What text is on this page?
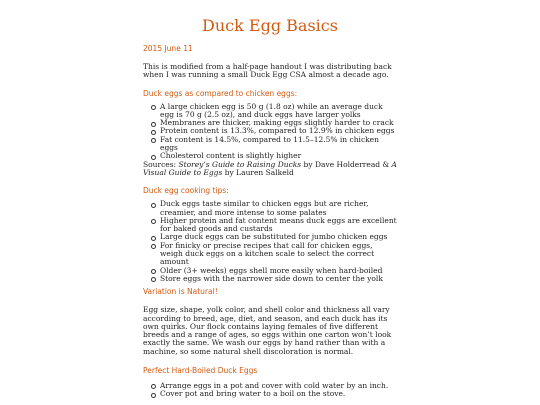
Duck Egg Basics
2015 June 11

This is modified from a half-page handout I was distributing back when I was running a small Duck Egg CSA almost a decade ago.

Duck eggs as compared to chicken eggs:

A large chicken egg is 50 g (1.8 oz) while an average duck egg is 70 g (2.5 oz), and duck eggs have larger yolks
Membranes are thicker, making eggs slightly harder to crack
Protein content is 13.3%, compared to 12.9% in chicken eggs
Fat content is 14.5%, compared to 11.5–12.5% in chicken eggs
Cholesterol content is slightly higher

Sources: Storey’s Guide to Raising Ducks by Dave Holderread & A Visual Guide to Eggs by Lauren Salkeld

Duck egg cooking tips:

Duck eggs taste similar to chicken eggs but are richer, creamier, and more intense to some palates
Higher protein and fat content means duck eggs are excellent for baked goods and custards
Large duck eggs can be substituted for jumbo chicken eggs
For finicky or precise recipes that call for chicken eggs, weigh duck eggs on a kitchen scale to select the correct amount
Older (3+ weeks) eggs shell more easily when hard-boiled
Store eggs with the narrower side down to center the yolk

Variation is Natural!

Egg size, shape, yolk color, and shell color and thickness all vary according to breed, age, diet, and season, and each duck has its own quirks. Our flock contains laying females of five different breeds and a range of ages, so eggs within one carton won’t look exactly the same. We wash our eggs by hand rather than with a machine, so some natural shell discoloration is normal.

Perfect Hard-Boiled Duck Eggs

Arrange eggs in a pot and cover with cold water by an inch.
Cover pot and bring water to a boil on the stove.
